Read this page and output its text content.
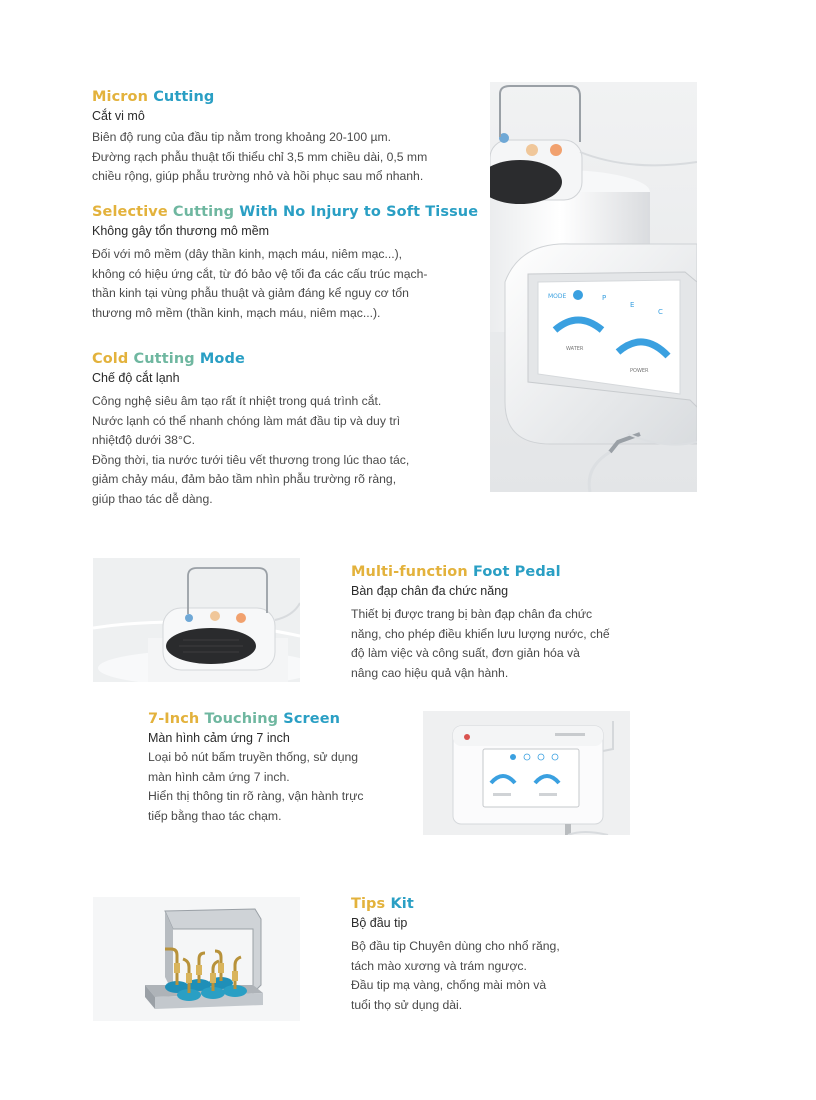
Micron Cutting
Cắt vi mô
Biên độ rung của đầu tip nằm trong khoảng 20-100 µm.
Đường rạch phẫu thuật tối thiểu chỉ 3,5 mm chiều dài, 0,5 mm
chiều rộng, giúp phẫu trường nhỏ và hồi phục sau mổ nhanh.
Selective Cutting With No Injury to Soft Tissue
Không gây tổn thương mô mềm
Đối với mô mềm (dây thần kinh, mạch máu, niêm mạc...),
không có hiệu ứng cắt, từ đó bảo vệ tối đa các cấu trúc mạch-
thần kinh tại vùng phẫu thuật và giảm đáng kể nguy cơ tổn
thương mô mềm (thần kinh, mạch máu, niêm mạc...).
Cold Cutting Mode
Chế độ cắt lạnh
Công nghệ siêu âm tạo rất ít nhiệt trong quá trình cắt.
Nước lạnh có thể nhanh chóng làm mát đầu tip và duy trì
nhiệtđộ dưới 38°C.
Đồng thời, tia nước tưới tiêu vết thương trong lúc thao tác,
giảm chảy máu, đảm bảo tầm nhìn phẫu trường rõ ràng,
giúp thao tác dễ dàng.
MODE	P
E
C
WATER
POWER
Multi-function Foot Pedal
Bàn đạp chân đa chức năng
Thiết bị được trang bị bàn đạp chân đa chức
năng, cho phép điều khiển lưu lượng nước, chế
độ làm việc và công suất, đơn giản hóa và
nâng cao hiệu quả vận hành.
7-Inch Touching Screen
Màn hình cảm ứng 7 inch
Loại bỏ nút bấm truyền thống, sử dụng
màn hình cảm ứng 7 inch.
Hiển thị thông tin rõ ràng, vận hành trực
tiếp bằng thao tác chạm.
Tips Kit
Bộ đầu tip
Bộ đầu tip Chuyên dùng cho nhổ răng,
tách mào xương và trám ngược.
Đầu tip mạ vàng, chống mài mòn và
tuổi thọ sử dụng dài.
